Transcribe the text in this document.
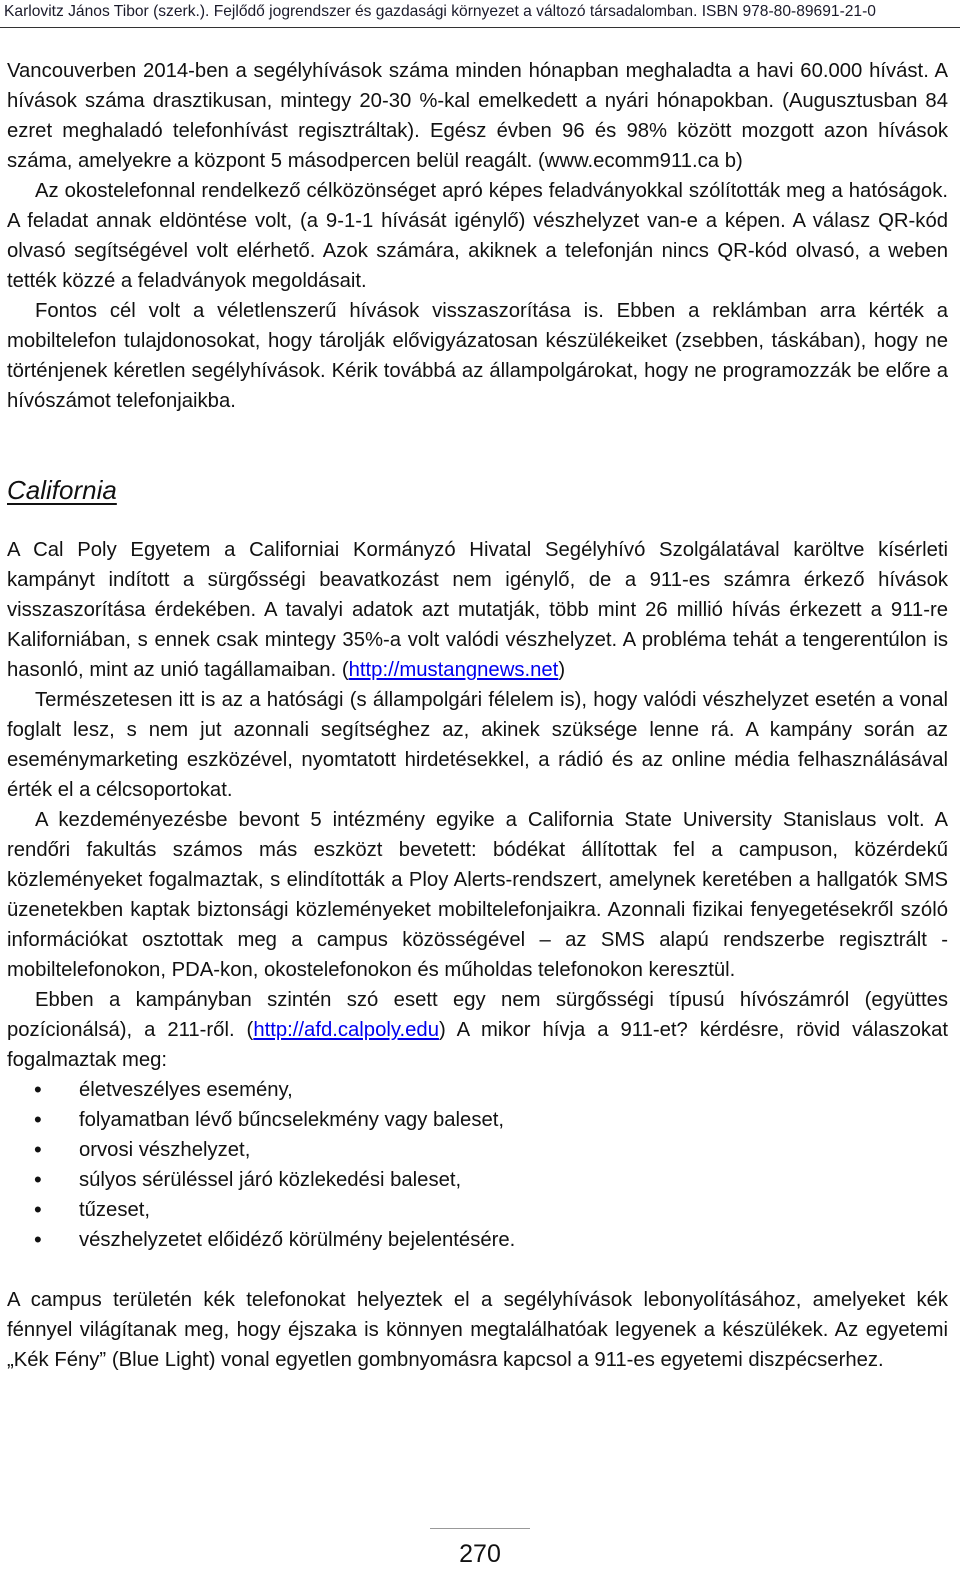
Karlovitz János Tibor (szerk.). Fejlődő jogrendszer és gazdasági környezet a változó társadalomban. ISBN 978-80-89691-21-0

Vancouverben 2014-ben a segélyhívások száma minden hónapban meghaladta a havi 60.000 hívást. A hívások száma drasztikusan, mintegy 20-30 %-kal emelkedett a nyári hónapokban. (Augusztusban 84 ezret meghaladó telefonhívást regisztráltak). Egész évben 96 és 98% között mozgott azon hívások száma, amelyekre a központ 5 másodpercen belül reagált. (www.ecomm911.ca b)

Az okostelefonnal rendelkező célközönséget apró képes feladványokkal szólították meg a hatóságok. A feladat annak eldöntése volt, (a 9-1-1 hívását igénylő) vészhelyzet van-e a képen. A válasz QR-kód olvasó segítségével volt elérhető. Azok számára, akiknek a telefonján nincs QR-kód olvasó, a weben tették közzé a feladványok megoldásait.

Fontos cél volt a véletlenszerű hívások visszaszorítása is. Ebben a reklámban arra kérték a mobiltelefon tulajdonosokat, hogy tárolják elővigyázatosan készülékeiket (zsebben, táskában), hogy ne történjenek kéretlen segélyhívások. Kérik továbbá az állampolgárokat, hogy ne programozzák be előre a hívószámot telefonjaikba.

California

A Cal Poly Egyetem a Californiai Kormányzó Hivatal Segélyhívó Szolgálatával karöltve kísérleti kampányt indított a sürgősségi beavatkozást nem igénylő, de a 911-es számra érkező hívások visszaszorítása érdekében. A tavalyi adatok azt mutatják, több mint 26 millió hívás érkezett a 911-re Kaliforniában, s ennek csak mintegy 35%-a volt valódi vészhelyzet. A probléma tehát a tengerentúlon is hasonló, mint az unió tagállamaiban. (http://mustangnews.net)

Természetesen itt is az a hatósági (s állampolgári félelem is), hogy valódi vészhelyzet esetén a vonal foglalt lesz, s nem jut azonnali segítséghez az, akinek szüksége lenne rá. A kampány során az eseménymarketing eszközével, nyomtatott hirdetésekkel, a rádió és az online média felhasználásával érték el a célcsoportokat.

A kezdeményezésbe bevont 5 intézmény egyike a California State University Stanislaus volt. A rendőri fakultás számos más eszközt bevetett: bódékat állítottak fel a campuson, közérdekű közleményeket fogalmaztak, s elindították a Ploy Alerts-rendszert, amelynek keretében a hallgatók SMS üzenetekben kaptak biztonsági közleményeket mobiltelefonjaikra. Azonnali fizikai fenyegetésekről szóló információkat osztottak meg a campus közösségével – az SMS alapú rendszerbe regisztrált - mobiltelefonokon, PDA-kon, okostelefonokon és műholdas telefonokon keresztül.

Ebben a kampányban szintén szó esett egy nem sürgősségi típusú hívószámról (együttes pozícionálsá), a 211-ről. (http://afd.calpoly.edu) A mikor hívja a 911-et? kérdésre, rövid válaszokat fogalmaztak meg:

• életveszélyes esemény,
• folyamatban lévő bűncselekmény vagy baleset,
• orvosi vészhelyzet,
• súlyos sérüléssel járó közlekedési baleset,
• tűzeset,
• vészhelyzetet előidéző körülmény bejelentésére.

A campus területén kék telefonokat helyeztek el a segélyhívások lebonyolításához, amelyeket kék fénnyel világítanak meg, hogy éjszaka is könnyen megtalálhatóak legyenek a készülékek. Az egyetemi „Kék Fény” (Blue Light) vonal egyetlen gombnyomásra kapcsol a 911-es egyetemi diszpécserhez.

270
